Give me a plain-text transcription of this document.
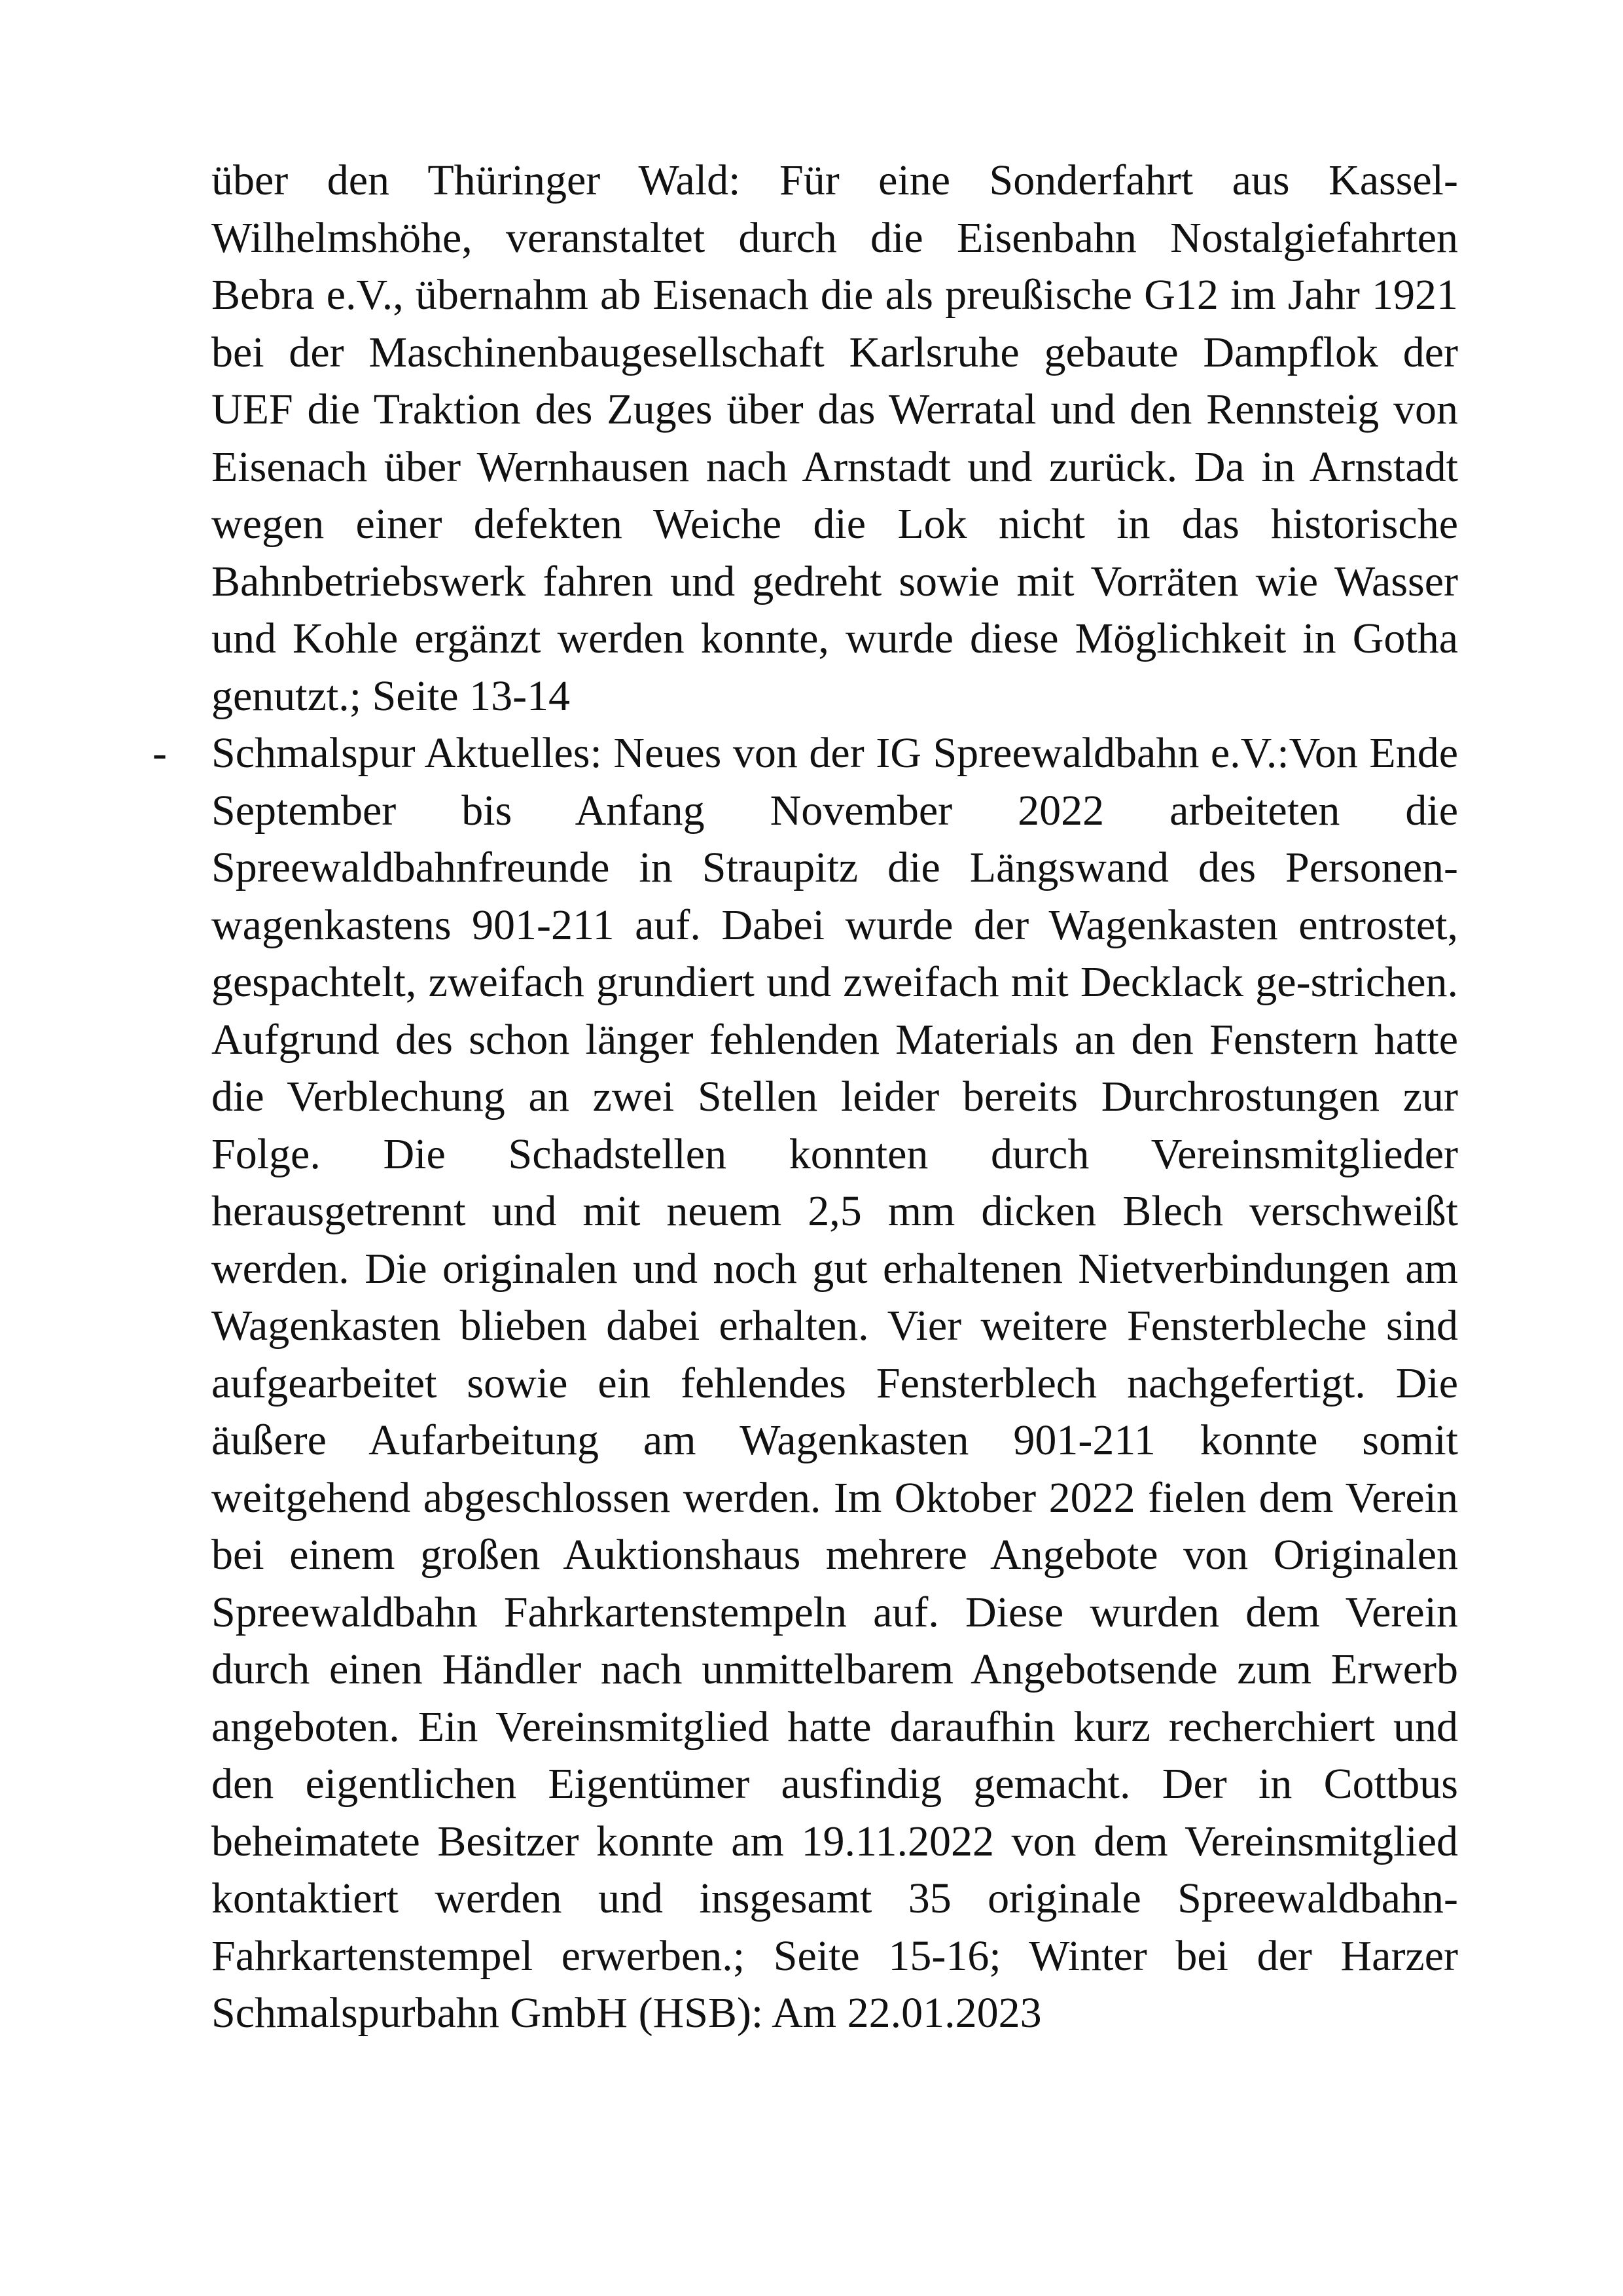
über den Thüringer Wald: Für eine Sonderfahrt aus Kassel-Wilhelmshöhe, veranstaltet durch die Eisenbahn Nostalgiefahrten Bebra e.V., übernahm ab Eisenach die als preußische G12 im Jahr 1921 bei der Maschinenbaugesellschaft Karlsruhe gebaute Dampflok der UEF die Traktion des Zuges über das Werratal und den Rennsteig von Eisenach über Wernhausen nach Arnstadt und zurück. Da in Arnstadt wegen einer defekten Weiche die Lok nicht in das historische Bahnbetriebswerk fahren und gedreht sowie mit Vorräten wie Wasser und Kohle ergänzt werden konnte, wurde diese Möglichkeit in Gotha genutzt.; Seite 13-14
- Schmalspur Aktuelles: Neues von der IG Spreewaldbahn e.V.:Von Ende September bis Anfang November 2022 arbeiteten die Spreewaldbahnfreunde in Straupitz die Längswand des Personenwagenkastens 901-211 auf. Dabei wurde der Wagenkasten entrostet, gespachtelt, zweifach grundiert und zweifach mit Decklack ge-strichen. Aufgrund des schon länger fehlenden Materials an den Fenstern hatte die Verblechung an zwei Stellen leider bereits Durchrostungen zur Folge. Die Schadstellen konnten durch Vereinsmitglieder herausgetrennt und mit neuem 2,5 mm dicken Blech verschweißt werden. Die originalen und noch gut erhaltenen Nietverbindungen am Wagenkasten blieben dabei erhalten. Vier weitere Fensterbleche sind aufgearbeitet sowie ein fehlendes Fensterblech nachgefertigt. Die äußere Aufarbeitung am Wagenkasten 901-211 konnte somit weitgehend abgeschlossen werden. Im Oktober 2022 fielen dem Verein bei einem großen Auktionshaus mehrere Angebote von Originalen Spreewaldbahn Fahrkartenstempeln auf. Diese wurden dem Verein durch einen Händler nach unmittelbarem Angebotsende zum Erwerb angeboten. Ein Vereinsmitglied hatte daraufhin kurz recherchiert und den eigentlichen Eigentümer ausfindig gemacht. Der in Cottbus beheimatete Besitzer konnte am 19.11.2022 von dem Vereinsmitglied kontaktiert werden und insgesamt 35 originale Spreewaldbahn-Fahrkartenstempel erwerben.; Seite 15-16; Winter bei der Harzer Schmalspurbahn GmbH (HSB): Am 22.01.2023
